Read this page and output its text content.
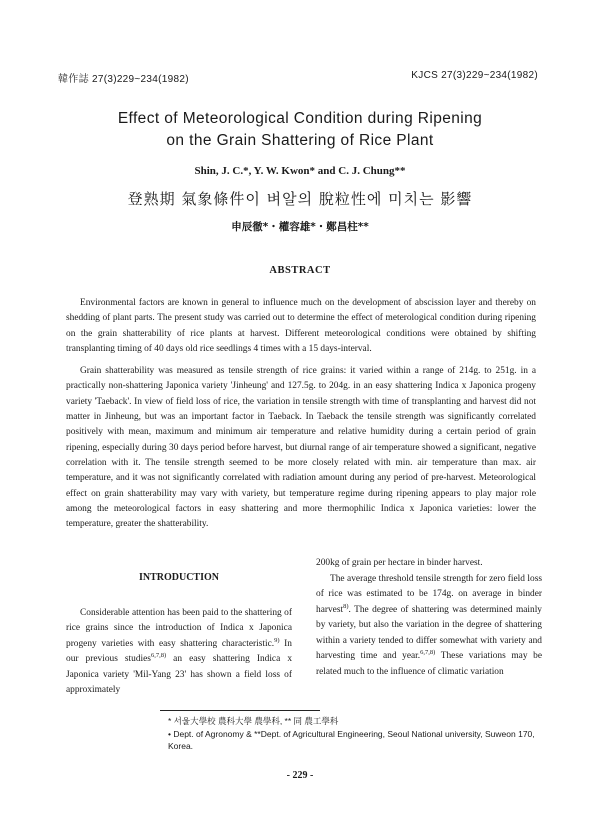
韓作誌 27(3)229~234(1982)	KJCS 27(3)229~234(1982)
Effect of Meteorological Condition during Ripening
on the Grain Shattering of Rice Plant
Shin, J. C.*, Y. W. Kwon* and C. J. Chung**
登熟期 氣象條件이 벼알의 脫粒性에 미치는 影響
申辰徹*・權容雄*・鄭昌柱**
ABSTRACT

Environmental factors are known in general to influence much on the development of abscission layer and thereby on shedding of plant parts. The present study was carried out to determine the effect of meterological condition during ripening on the grain shatterability of rice plants at harvest. Different meteorological conditions were obtained by shifting transplanting timing of 40 days old rice seedlings 4 times with a 15 days-interval.

Grain shatterability was measured as tensile strength of rice grains: it varied within a range of 214g. to 251g. in a practically non-shattering Japonica variety 'Jinheung' and 127.5g. to 204g. in an easy shattering Indica x Japonica progeny variety 'Taeback'. In view of field loss of rice, the variation in tensile strength with time of transplanting and harvest did not matter in Jinheung, but was an important factor in Taeback. In Taeback the tensile strength was significantly correlated positively with mean, maximum and minimum air temperature and relative humidity during a certain period of grain ripening, especially during 30 days period before harvest, but diurnal range of air temperature showed a significant, negative correlation with it. The tensile strength seemed to be more closely related with min. air temperature than max. air temperature, and it was not significantly correlated with radiation amount during any period of pre-harvest. Meteorological effect on grain shatterability may vary with variety, but temperature regime during ripening appears to play major role among the meteorological factors in easy shattering and more thermophilic Indica x Japonica varieties: lower the temperature, greater the shatterability.

INTRODUCTION

Considerable attention has been paid to the shattering of rice grains since the introduction of Indica x Japonica progeny varieties with easy shattering characteristic.$^{9)}$ In our previous studies$^{6,7,8)}$ an easy shattering Indica x Japonica variety 'Mil-Yang 23' has shown a field loss of approximately

200kg of grain per hectare in binder harvest.

The average threshold tensile strength for zero field loss of rice was estimated to be 174g. on average in binder harvest$^{8)}$. The degree of shattering was determined mainly by variety, but also the variation in the degree of shattering within a variety tended to differ somewhat with variety and harvesting time and year.$^{6,7,8)}$ These variations may be related much to the influence of climatic variation

* 서울大學校 農科大學 農學科, ** 同 農工學科
• Dept. of Agronomy & **Dept. of Agricultural Engineering, Seoul National university, Suweon 170, Korea.
- 229 -
